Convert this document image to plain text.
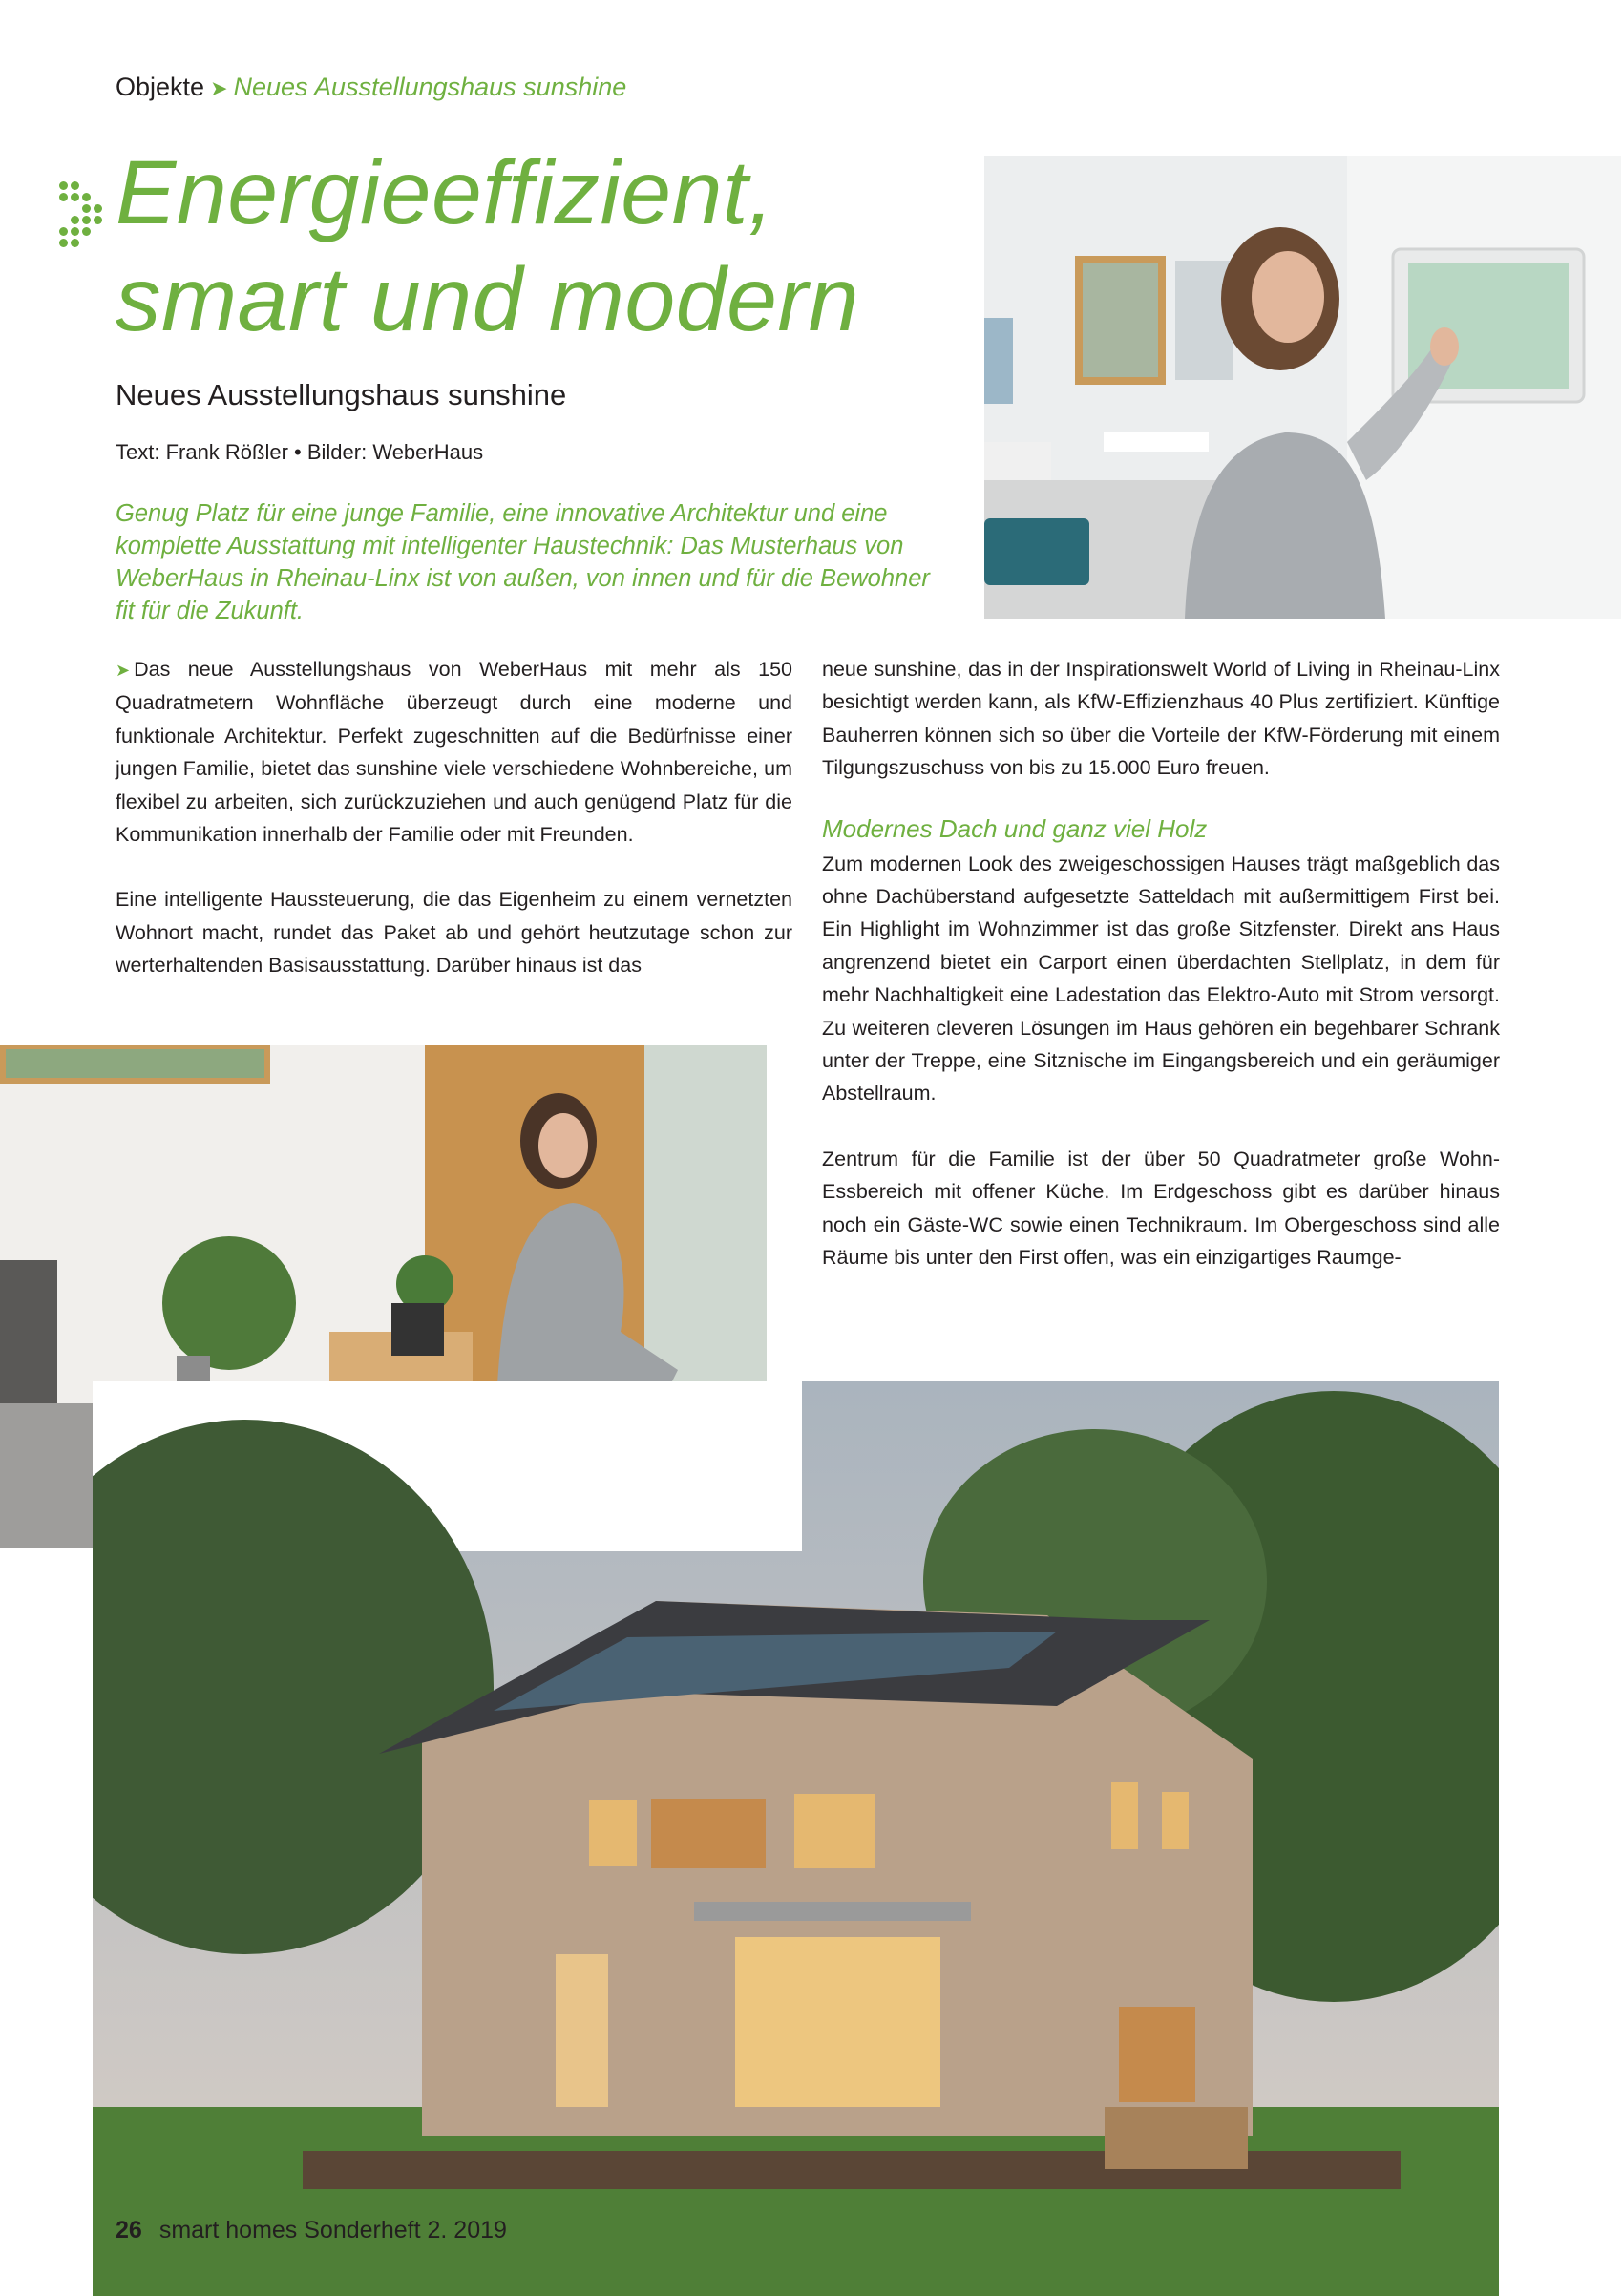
Objekte ➤ Neues Ausstellungshaus sunshine
Energieeffizient,
smart und modern
Neues Ausstellungshaus sunshine
Text: Frank Rößler • Bilder: WeberHaus
Genug Platz für eine junge Familie, eine innovative Architektur und eine komplette Ausstattung mit intelligenter Haustechnik: Das Musterhaus von WeberHaus in Rheinau-Linx ist von außen, von innen und für die Bewohner fit für die Zukunft.

➤ Das neue Ausstellungshaus von WeberHaus mit mehr als 150 Quadratmetern Wohnfläche überzeugt durch eine moderne und funktionale Architektur. Perfekt zugeschnitten auf die Bedürfnisse einer jungen Familie, bietet das sunshine viele verschiedene Wohnbereiche, um flexibel zu arbeiten, sich zurückzuziehen und auch genügend Platz für die Kommunikation innerhalb der Familie oder mit Freunden.

Eine intelligente Haussteuerung, die das Eigenheim zu einem vernetzten Wohnort macht, rundet das Paket ab und gehört heutzutage schon zur werterhaltenden Basisausstattung. Darüber hinaus ist das

neue sunshine, das in der Inspirationswelt World of Living in Rheinau-Linx besichtigt werden kann, als KfW-Effizienzhaus 40 Plus zertifiziert. Künftige Bauherren können sich so über die Vorteile der KfW-Förderung mit einem Tilgungszuschuss von bis zu 15.000 Euro freuen.

Modernes Dach und ganz viel Holz

Zum modernen Look des zweigeschossigen Hauses trägt maßgeblich das ohne Dachüberstand aufgesetzte Satteldach mit außermittigem First bei. Ein Highlight im Wohnzimmer ist das große Sitzfenster. Direkt ans Haus angrenzend bietet ein Carport einen überdachten Stellplatz, in dem für mehr Nachhaltigkeit eine Ladestation das Elektro-Auto mit Strom versorgt. Zu weiteren cleveren Lösungen im Haus gehören ein begehbarer Schrank unter der Treppe, eine Sitznische im Eingangsbereich und ein geräumiger Abstellraum.

Zentrum für die Familie ist der über 50 Quadratmeter große Wohn-Essbereich mit offener Küche. Im Erdgeschoss gibt es darüber hinaus noch ein Gäste-WC sowie einen Technikraum. Im Obergeschoss sind alle Räume bis unter den First offen, was ein einzigartiges Raumge-

26 smart homes Sonderheft 2. 2019
